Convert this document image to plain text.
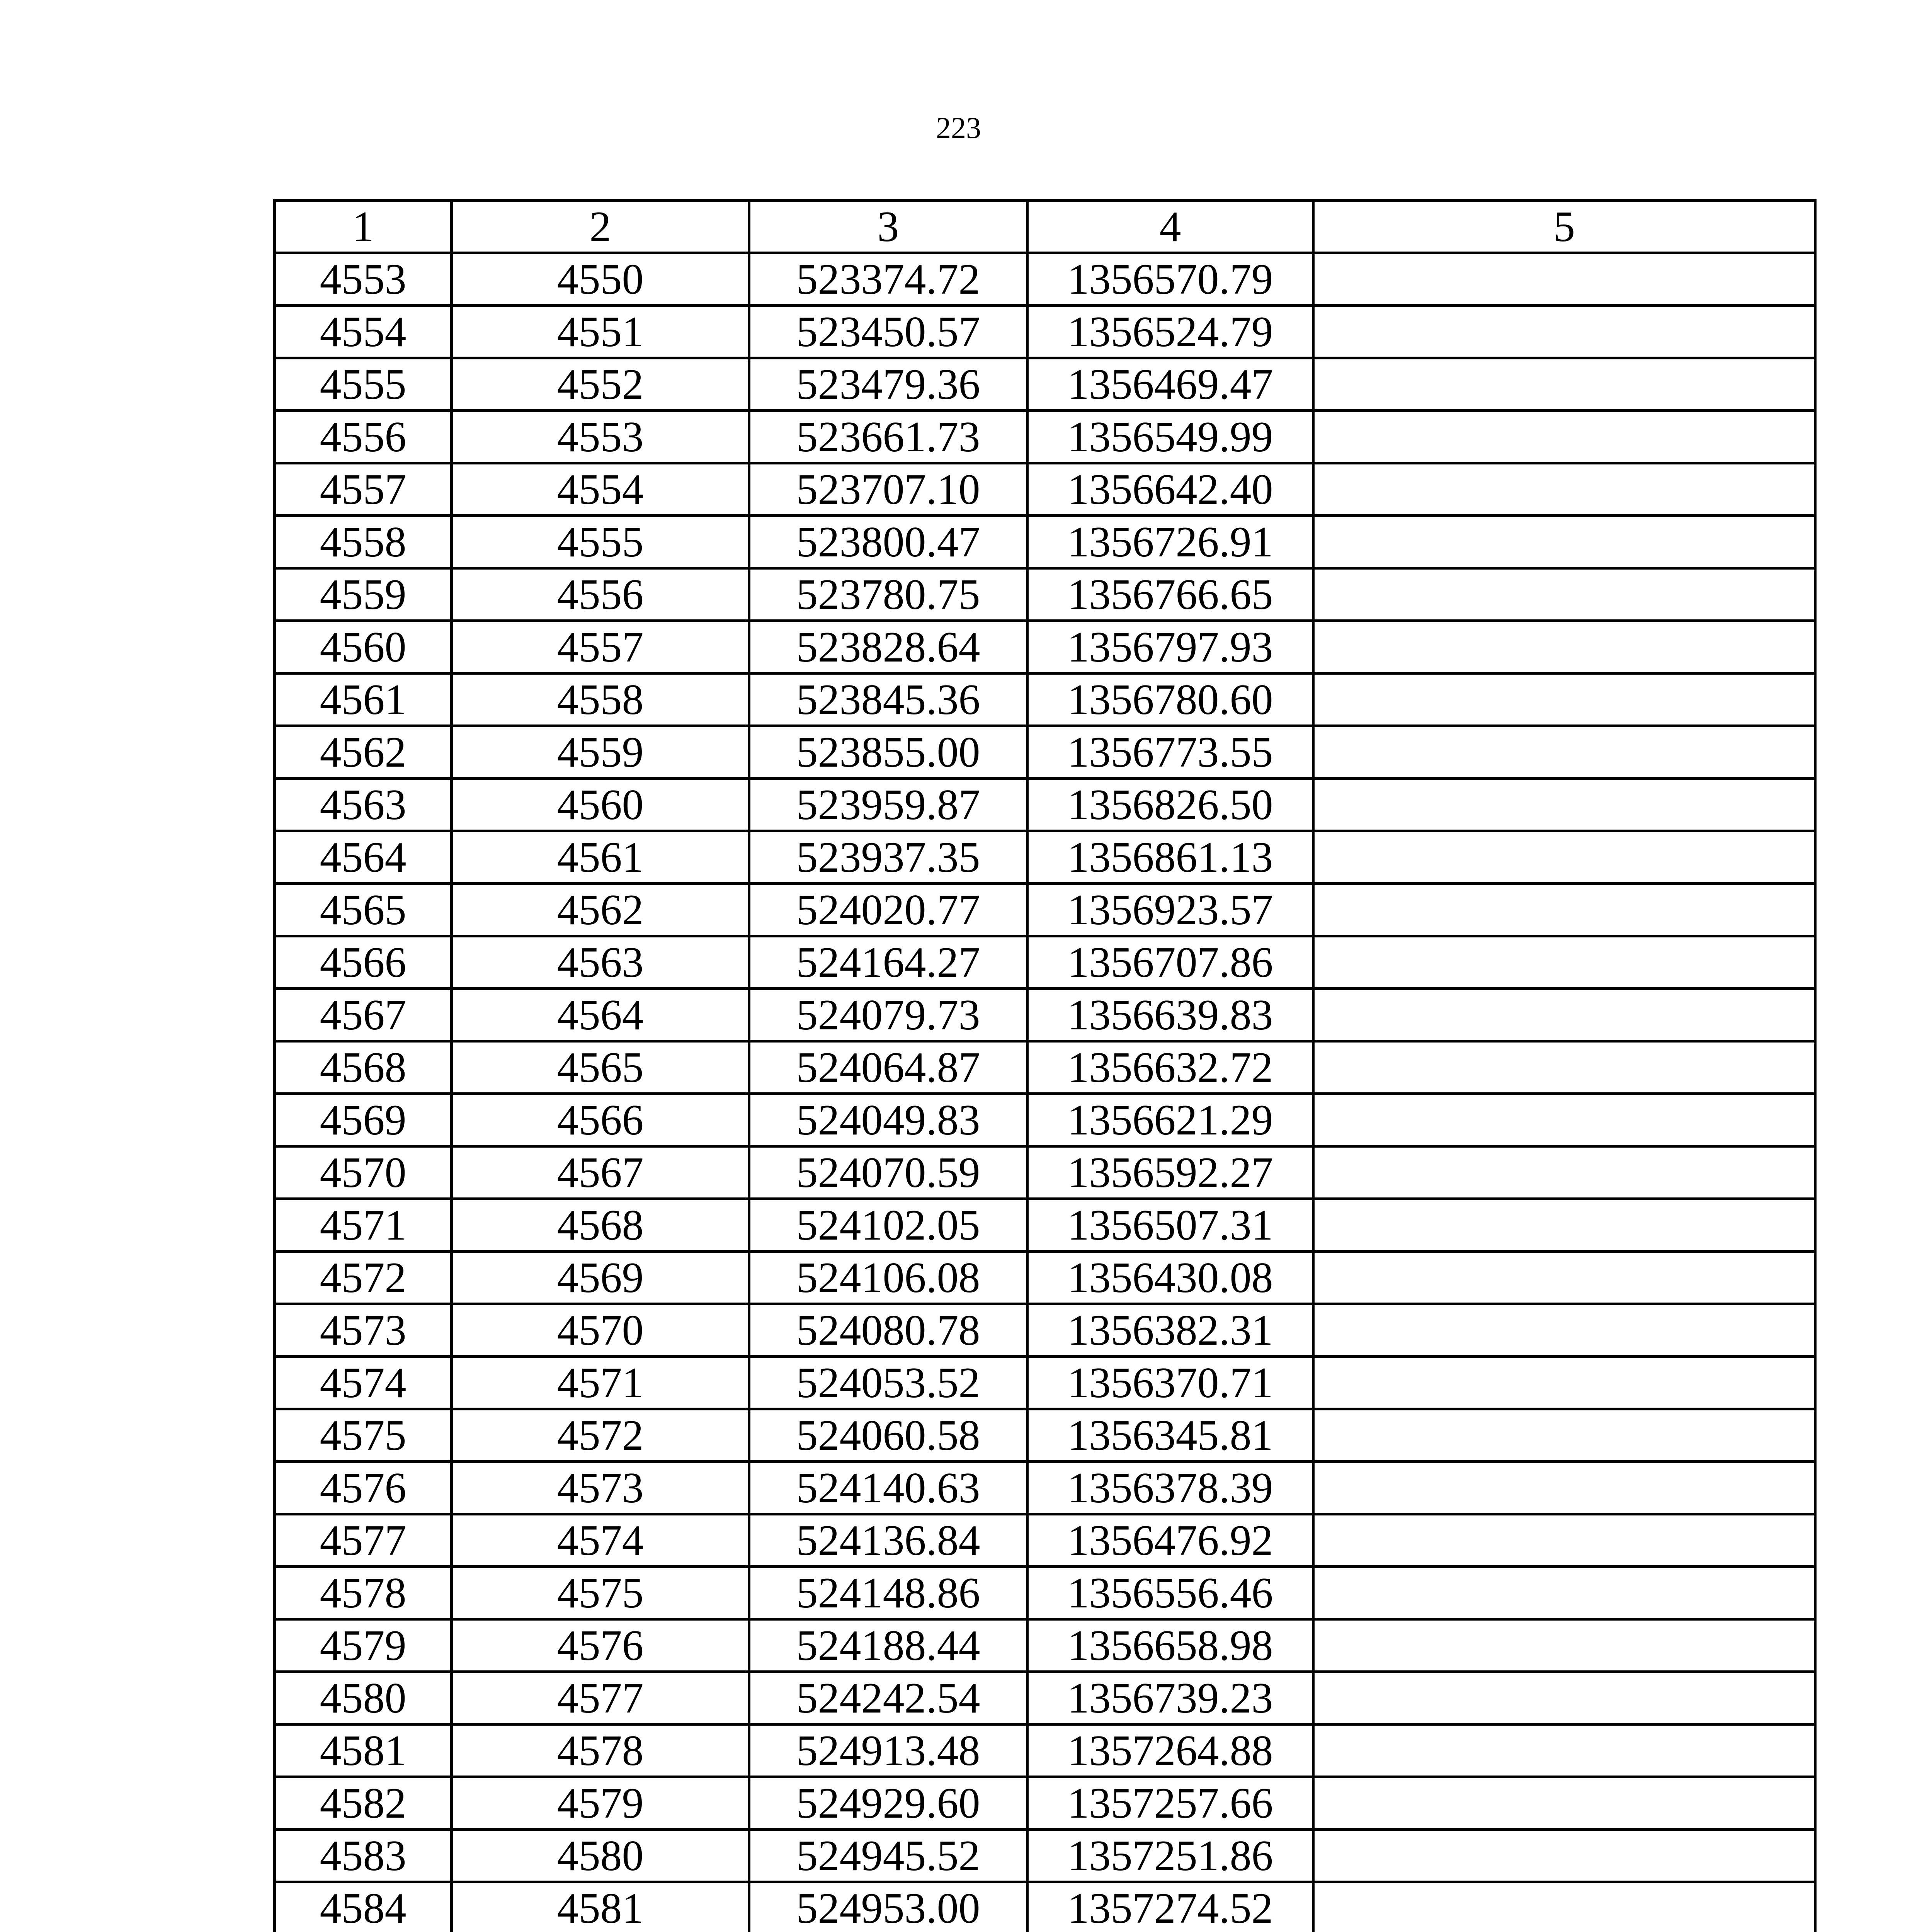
223
1	2	3	4	5
4553	4550	523374.72	1356570.79	
4554	4551	523450.57	1356524.79	
4555	4552	523479.36	1356469.47	
4556	4553	523661.73	1356549.99	
4557	4554	523707.10	1356642.40	
4558	4555	523800.47	1356726.91	
4559	4556	523780.75	1356766.65	
4560	4557	523828.64	1356797.93	
4561	4558	523845.36	1356780.60	
4562	4559	523855.00	1356773.55	
4563	4560	523959.87	1356826.50	
4564	4561	523937.35	1356861.13	
4565	4562	524020.77	1356923.57	
4566	4563	524164.27	1356707.86	
4567	4564	524079.73	1356639.83	
4568	4565	524064.87	1356632.72	
4569	4566	524049.83	1356621.29	
4570	4567	524070.59	1356592.27	
4571	4568	524102.05	1356507.31	
4572	4569	524106.08	1356430.08	
4573	4570	524080.78	1356382.31	
4574	4571	524053.52	1356370.71	
4575	4572	524060.58	1356345.81	
4576	4573	524140.63	1356378.39	
4577	4574	524136.84	1356476.92	
4578	4575	524148.86	1356556.46	
4579	4576	524188.44	1356658.98	
4580	4577	524242.54	1356739.23	
4581	4578	524913.48	1357264.88	
4582	4579	524929.60	1357257.66	
4583	4580	524945.52	1357251.86	
4584	4581	524953.00	1357274.52	
